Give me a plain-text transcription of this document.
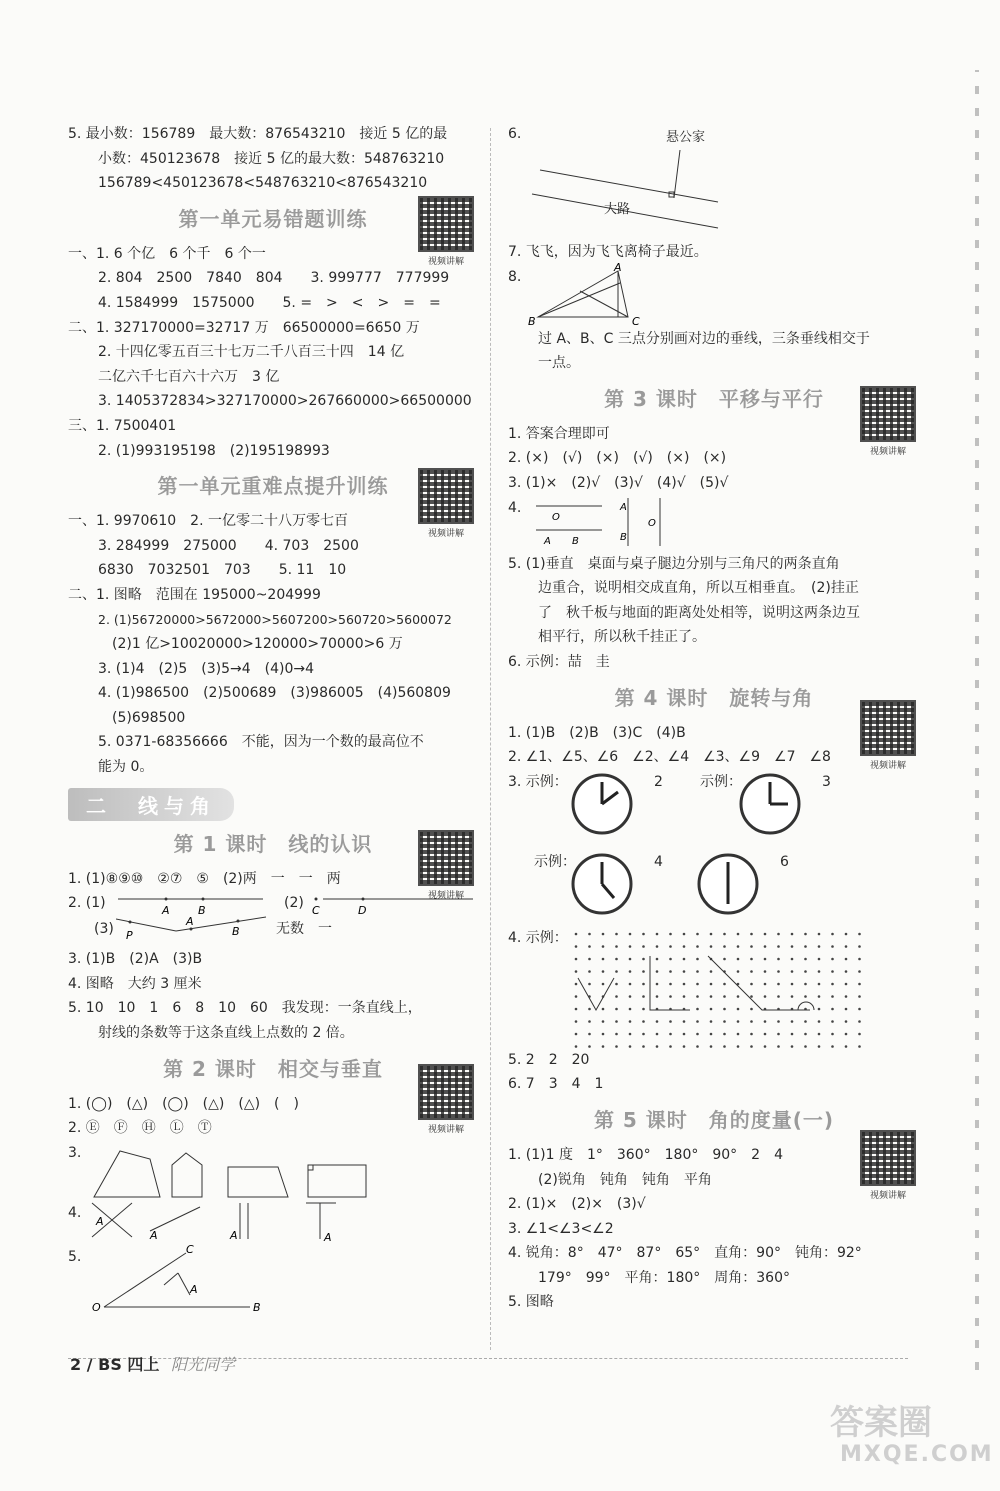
5. 最小数：156789　最大数：876543210　接近 5 亿的最
小数：450123678　接近 5 亿的最大数：548763210
156789<450123678<548763210<876543210
第一单元易错题训练
一、1. 6 个亿　6 个千　6 个一
2. 804　2500　7840　804　　3. 999777　777999
4. 1584999　1575000　　5. =　>　<　>　=　=
二、1. 327170000=32717 万　66500000=6650 万
2. 十四亿零五百三十七万二千八百三十四　14 亿
二亿六千七百六十六万　3 亿
3. 1405372834>327170000>267660000>66500000
三、1. 7500401
2. (1)993195198　(2)195198993
第一单元重难点提升训练
一、1. 9970610　2. 一亿零二十八万零七百
3. 284999　275000　　4. 703　2500
6830　7032501　703　　5. 11　10
二、1. 图略　范围在 195000~204999
2. (1)56720000>5672000>5607200>560720>5600072
(2)1 亿>10020000>120000>70000>6 万
3. (1)4　(2)5　(3)5→4　(4)0→4
4. (1)986500　(2)500689　(3)986005　(4)560809
(5)698500
5. 0371-68356666　不能，因为一个数的最高位不
能为 0。
二　线与角
第 1 课时　线的认识
1. (1)⑧⑨⑩　②⑦　⑤　(2)两　一　一　两
2. (1)	A	B	C	D
(2)
(3) P
A
B	无数　一
3. (1)B　(2)A　(3)B
4. 图略　大约 3 厘米
5. 10　10　1　6　8　10　60　我发现：一条直线上，
射线的条数等于这条直线上点数的 2 倍。
第 2 课时　相交与垂直
1. (◯)　(△)　(◯)　(△)　(△)　(　)
2. Ⓔ　Ⓕ　Ⓗ　Ⓛ　Ⓣ
3.
4.
A
A	A	A
5.
O	B
C
A
视频讲解
视频讲解
视频讲解
视频讲解
视频讲解
视频讲解
视频讲解
6.	悬公家
大路
7. 飞飞，因为飞飞离椅子最近。
8.
B
A
C
过 A、B、C 三点分别画对边的垂线，三条垂线相交于
一点。
第 3 课时　平移与平行
1. 答案合理即可
2. (×)　(√)　(×)　(√)　(×)　(×)
3. (1)×　(2)√　(3)√　(4)√　(5)√
4.
O
A B
A
B
O
5. (1)垂直　桌面与桌子腿边分别与三角尺的两条直角
边重合，说明相交成直角，所以互相垂直。　(2)挂正
了　秋千板与地面的距离处处相等，说明这两条边互
相平行，所以秋千挂正了。
6. 示例：喆　圭
第 4 课时　旋转与角
1. (1)B　(2)B　(3)C　(4)B
2. ∠1、∠5、∠6　∠2、∠4　∠3、∠9　∠7　∠8
3. 示例：	2	示例：	3
示例：	4	6
4. 示例：
5. 2　2　20
6. 7　3　4　1
第 5 课时　角的度量(一)
1. (1)1 度　1°　360°　180°　90°　2　4
(2)锐角　钝角　钝角　平角
2. (1)×　(2)×　(3)√
3. ∠1<∠3<∠2
4. 锐角：8°　47°　87°　65°　直角：90°　钝角：92°
179°　99°　平角：180°　周角：360°
5. 图略
2 / BS 四上 阳光同学
答案圈
MXQE.COM
